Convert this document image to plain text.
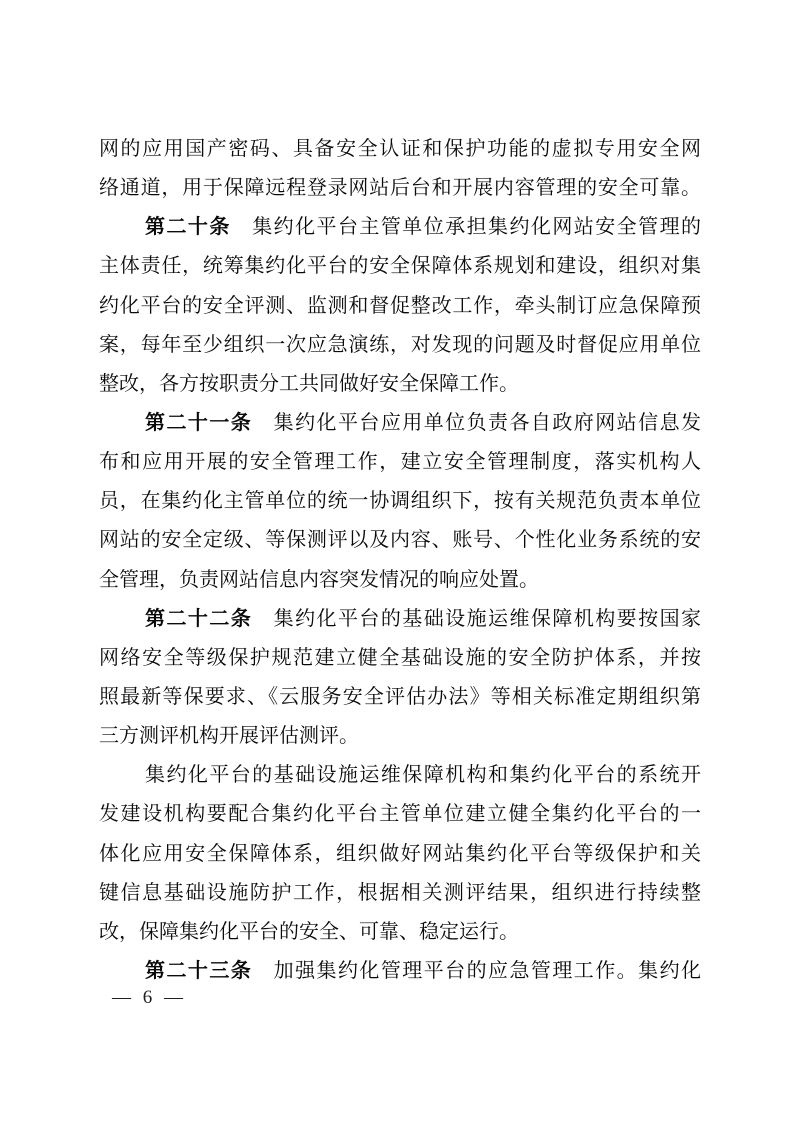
网的应用国产密码、具备安全认证和保护功能的虚拟专用安全网
络通道，用于保障远程登录网站后台和开展内容管理的安全可靠。
第二十条　集约化平台主管单位承担集约化网站安全管理的
主体责任，统筹集约化平台的安全保障体系规划和建设，组织对集
约化平台的安全评测、监测和督促整改工作，牵头制订应急保障预
案，每年至少组织一次应急演练，对发现的问题及时督促应用单位
整改，各方按职责分工共同做好安全保障工作。
第二十一条　集约化平台应用单位负责各自政府网站信息发
布和应用开展的安全管理工作，建立安全管理制度，落实机构人
员，在集约化主管单位的统一协调组织下，按有关规范负责本单位
网站的安全定级、等保测评以及内容、账号、个性化业务系统的安
全管理，负责网站信息内容突发情况的响应处置。
第二十二条　集约化平台的基础设施运维保障机构要按国家
网络安全等级保护规范建立健全基础设施的安全防护体系，并按
照最新等保要求、《云服务安全评估办法》等相关标准定期组织第
三方测评机构开展评估测评。
集约化平台的基础设施运维保障机构和集约化平台的系统开
发建设机构要配合集约化平台主管单位建立健全集约化平台的一
体化应用安全保障体系，组织做好网站集约化平台等级保护和关
键信息基础设施防护工作，根据相关测评结果，组织进行持续整
改，保障集约化平台的安全、可靠、稳定运行。
第二十三条　加强集约化管理平台的应急管理工作。集约化
— 6 —
